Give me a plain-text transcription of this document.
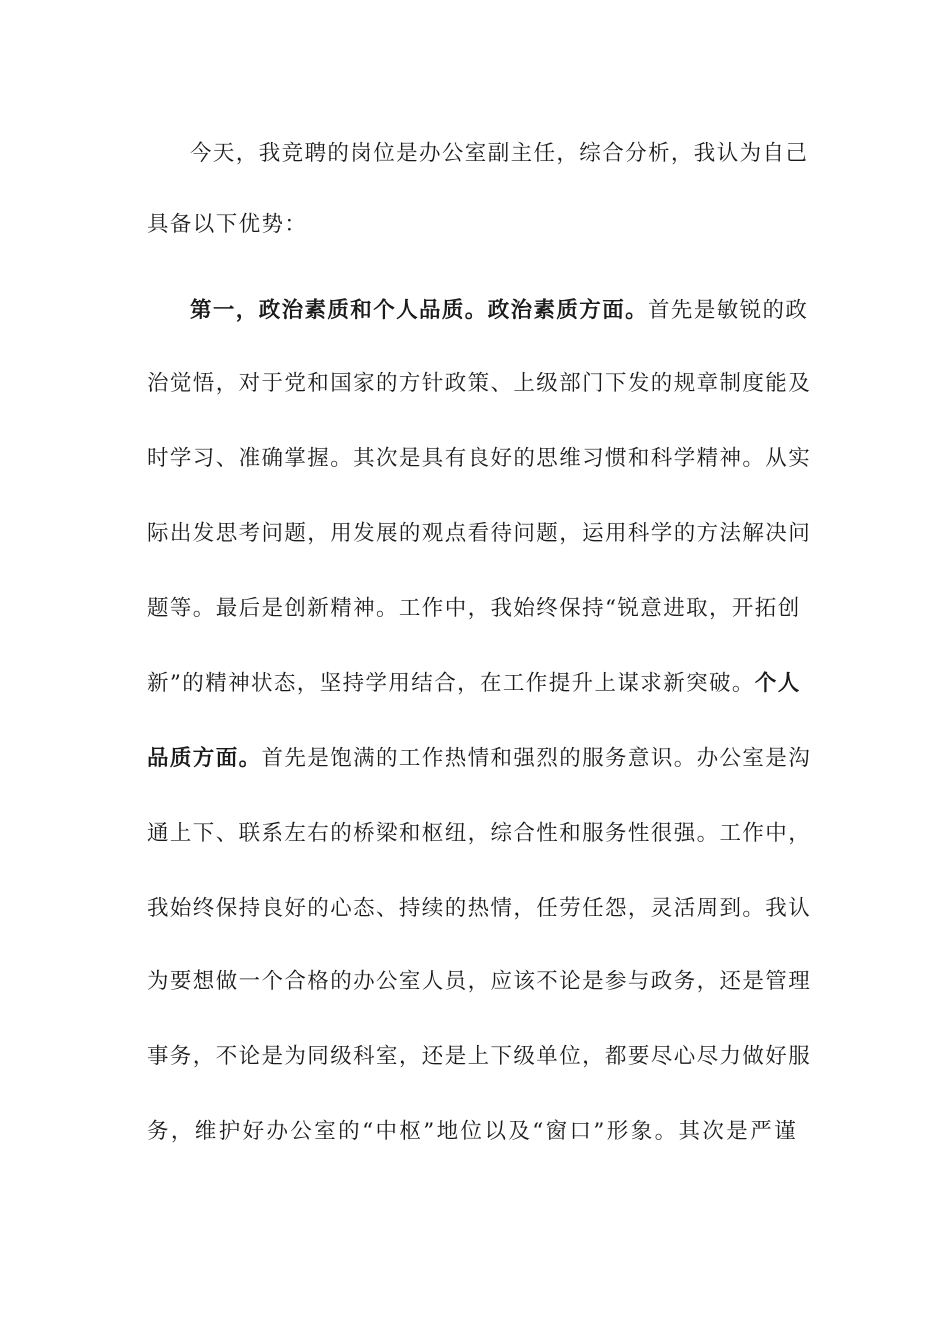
今天，我竞聘的岗位是办公室副主任，综合分析，我认为自己
具备以下优势：
第一，政治素质和个人品质。政治素质方面。首先是敏锐的政
治觉悟，对于党和国家的方针政策、上级部门下发的规章制度能及
时学习、准确掌握。其次是具有良好的思维习惯和科学精神。从实
际出发思考问题，用发展的观点看待问题，运用科学的方法解决问
题等。最后是创新精神。工作中，我始终保持“锐意进取，开拓创
新”的精神状态，坚持学用结合，在工作提升上谋求新突破。个人
品质方面。首先是饱满的工作热情和强烈的服务意识。办公室是沟
通上下、联系左右的桥梁和枢纽，综合性和服务性很强。工作中，
我始终保持良好的心态、持续的热情，任劳任怨，灵活周到。我认
为要想做一个合格的办公室人员，应该不论是参与政务，还是管理
事务，不论是为同级科室，还是上下级单位，都要尽心尽力做好服
务，维护好办公室的“中枢”地位以及“窗口”形象。其次是严谨
